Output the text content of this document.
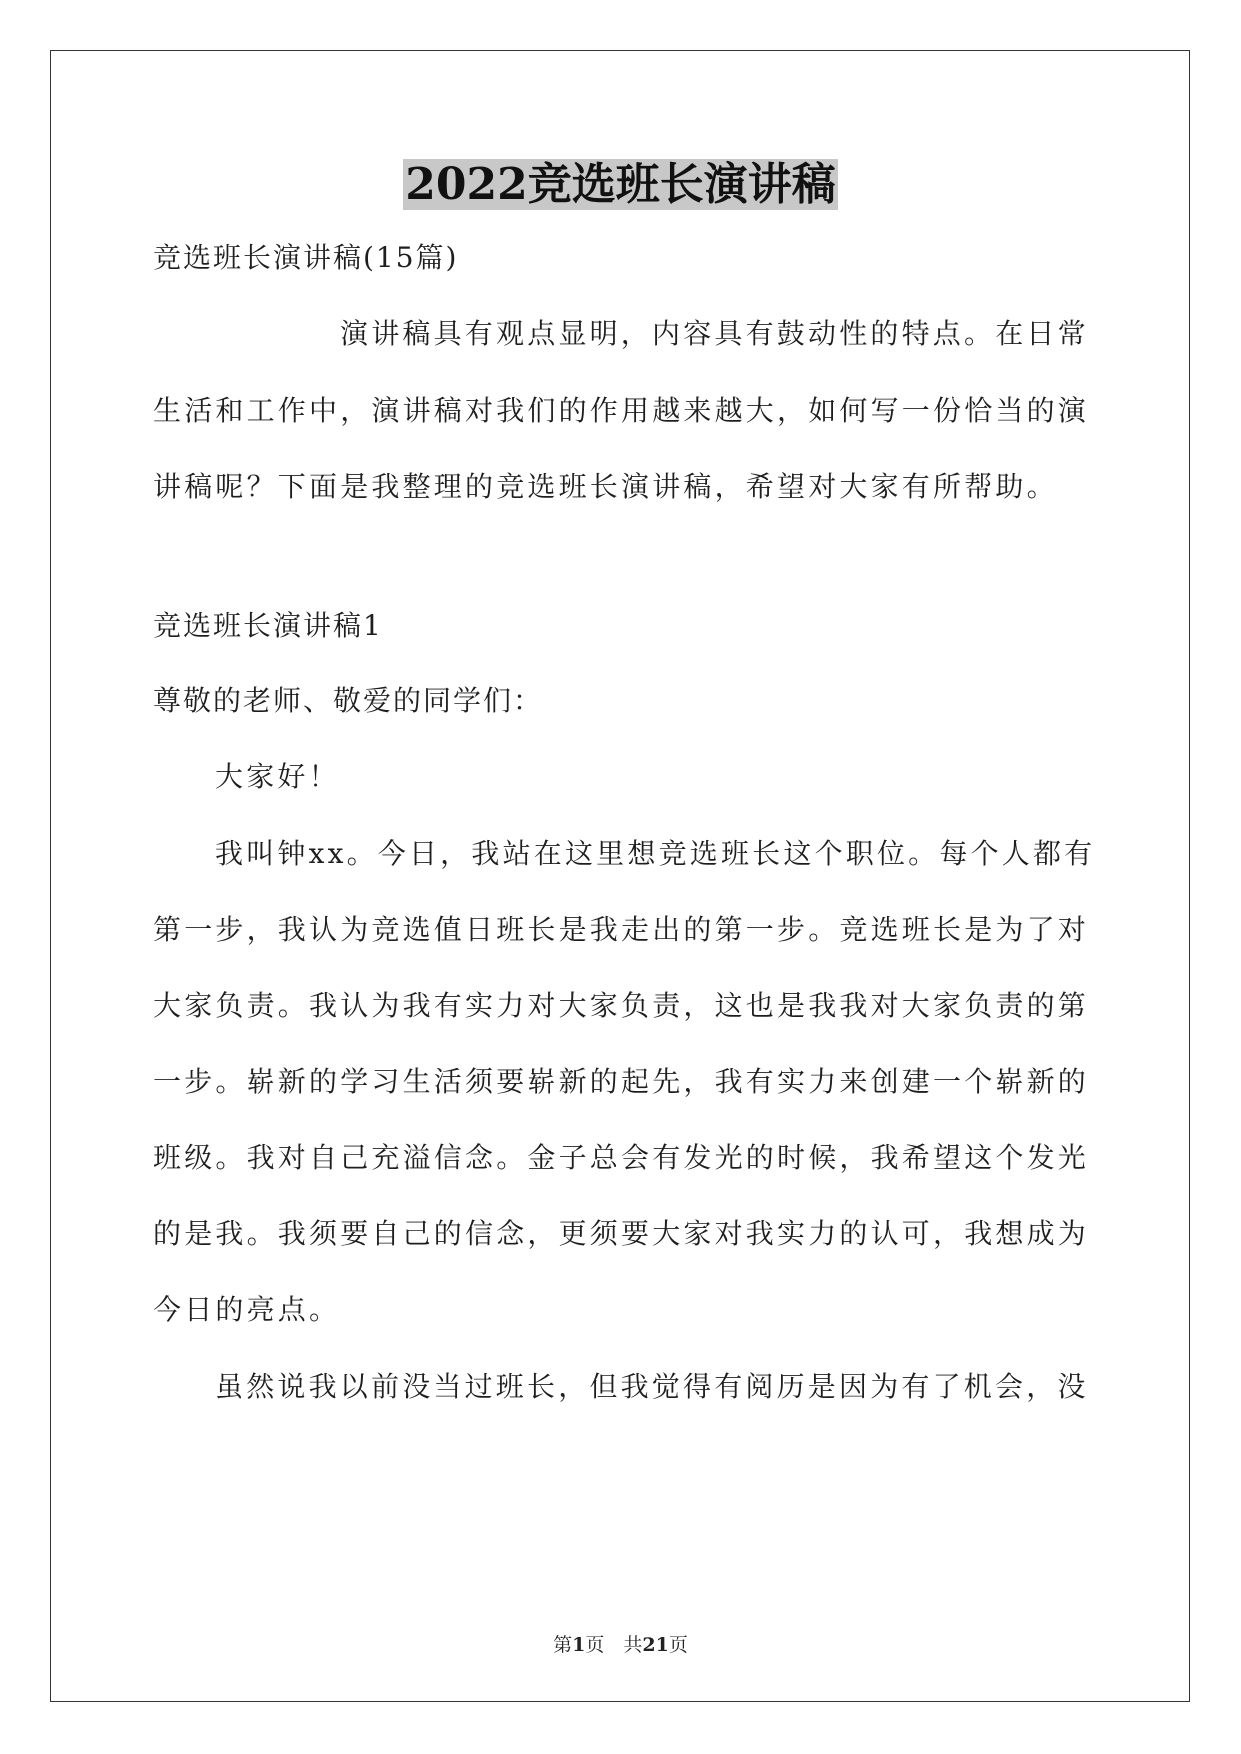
2022竞选班长演讲稿
竞选班长演讲稿(15篇)
演讲稿具有观点显明，内容具有鼓动性的特点。在日常
生活和工作中，演讲稿对我们的作用越来越大，如何写一份恰当的演
讲稿呢？下面是我整理的竞选班长演讲稿，希望对大家有所帮助。
竞选班长演讲稿1
尊敬的老师、敬爱的同学们：
大家好！
我叫钟xx。今日，我站在这里想竞选班长这个职位。每个人都有
第一步，我认为竞选值日班长是我走出的第一步。竞选班长是为了对
大家负责。我认为我有实力对大家负责，这也是我我对大家负责的第
一步。崭新的学习生活须要崭新的起先，我有实力来创建一个崭新的
班级。我对自己充溢信念。金子总会有发光的时候，我希望这个发光
的是我。我须要自己的信念，更须要大家对我实力的认可，我想成为
今日的亮点。
虽然说我以前没当过班长，但我觉得有阅历是因为有了机会，没
第1页　共21页
